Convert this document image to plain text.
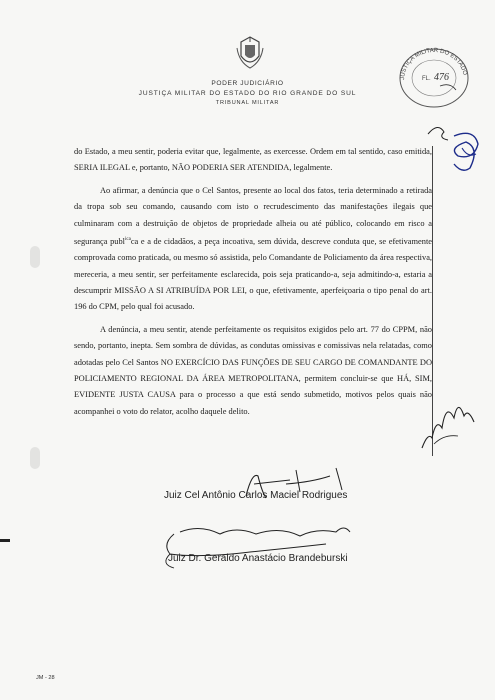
PODER JUDICIÁRIO
JUSTIÇA MILITAR DO ESTADO DO RIO GRANDE DO SUL
TRIBUNAL MILITAR
JUSTIÇA MILITAR DO ESTADO
FL. 476

do Estado, a meu sentir, poderia evitar que, legalmente, as exercesse. Ordem em tal sentido, caso emitida, SERIA ILEGAL e, portanto, NÃO PODERIA SER ATENDIDA, legalmente.

Ao afirmar, a denúncia que o Cel Santos, presente ao local dos fatos, teria determinado a retirada da tropa sob seu comando, causando com isto o recrudescimento das manifestações ilegais que culminaram com a destruição de objetos de propriedade alheia ou até público, colocando em risco a segurança publ$^{ica}$ca e a de cidadãos, a peça incoativa, sem dúvida, descreve conduta que, se efetivamente comprovada como praticada, ou mesmo só assistida, pelo Comandante de Policiamento da área respectiva, mereceria, a meu sentir, ser perfeitamente esclarecida, pois seja praticando-a, seja admitindo-a, estaria a descumprir MISSÃO A SI ATRIBUÍDA POR LEI, o que, efetivamente, aperfeiçoaria o tipo penal do art. 196 do CPM, pelo qual foi acusado.

A denúncia, a meu sentir, atende perfeitamente os requisitos exigidos pelo art. 77 do CPPM, não sendo, portanto, inepta. Sem sombra de dúvidas, as condutas omissivas e comissivas nela relatadas, como adotadas pelo Cel Santos NO EXERCÍCIO DAS FUNÇÕES DE SEU CARGO DE COMANDANTE DO POLICIAMENTO REGIONAL DA ÁREA METROPOLITANA, permitem concluir-se que HÁ, SIM, EVIDENTE JUSTA CAUSA para o processo a que está sendo submetido, motivos pelos quais não acompanhei o voto do relator, acolho daquele delito.

Juiz Cel Antônio Carlos Maciel Rodrigues
Juiz Dr. Geraldo Anastácio Brandeburski
JM - 28
